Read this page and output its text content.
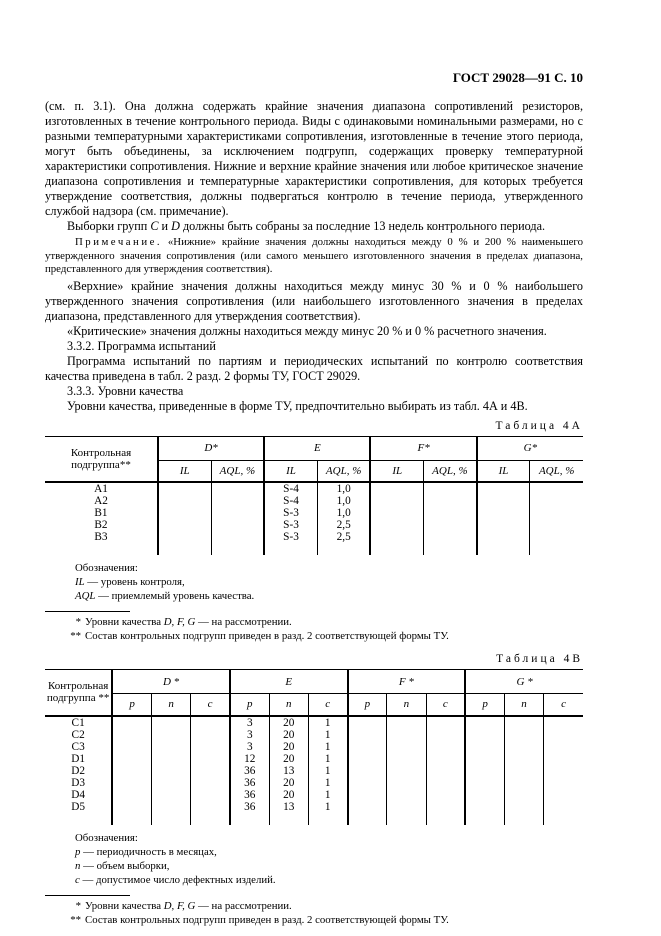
ГОСТ 29028—91 С. 10

(см. п. 3.1). Она должна содержать крайние значения диапазона сопротивлений резисторов, изготовленных в течение контрольного периода. Виды с одинаковыми номинальными размерами, но с разными температурными характеристиками сопротивления, изготовленные в течение этого периода, могут быть объединены, за исключением подгрупп, содержащих проверку температурной характеристики сопротивления. Нижние и верхние крайние значения или любое критическое значение диапазона сопротивления и температурные характеристики сопротивления, для которых требуется утверждение соответствия, должны подвергаться контролю в течение периода, утвержденного службой надзора (см. примечание).

Выборки групп С и D должны быть собраны за последние 13 недель контрольного периода.

Примечание. «Нижние» крайние значения должны находиться между 0 % и 200 % наименьшего утвержденного значения сопротивления (или самого меньшего изготовленного значения в пределах диапазона, представленного для утверждения соответствия).

«Верхние» крайние значения должны находиться между минус 30 % и 0 % наибольшего утвержденного значения сопротивления (или наибольшего изготовленного значения в пределах диапазона, представленного для утверждения соответствия).

«Критические» значения должны находиться между минус 20 % и 0 % расчетного значения.

3.3.2. Программа испытаний

Программа испытаний по партиям и периодических испытаний по контролю соответствия качества приведена в табл. 2 разд. 2 формы ТУ, ГОСТ 29029.

3.3.3. Уровни качества

Уровни качества, приведенные в форме ТУ, предпочтительно выбирать из табл. 4А и 4В.

Таблица 4А
Контрольная подгруппа**	D*		E		F*		G*	
	IL	AQL, %	IL	AQL, %	IL	AQL, %	IL	AQL, %
A1			S-4	1,0				
A2			S-4	1,0				
B1			S-3	1,0				
B2			S-3	2,5				
B3			S-3	2,5				

Обозначения:
IL — уровень контроля,
AQL — приемлемый уровень качества.
* Уровни качества D, F, G — на рассмотрении.
** Состав контрольных подгрупп приведен в разд. 2 соответствующей формы ТУ.
Таблица 4В
Контрольная подгруппа **	D *			E			F *			G *		
	p	n	c	p	n	c	p	n	c	p	n	c
C1				3	20	1						
C2				3	20	1						
C3				3	20	1						
D1				12	20	1						
D2				36	13	1						
D3				36	20	1						
D4				36	20	1						
D5				36	13	1						

Обозначения:
p — периодичность в месяцах,
n — объем выборки,
c — допустимое число дефектных изделий.
* Уровни качества D, F, G — на рассмотрении.
** Состав контрольных подгрупп приведен в разд. 2 соответствующей формы ТУ.
